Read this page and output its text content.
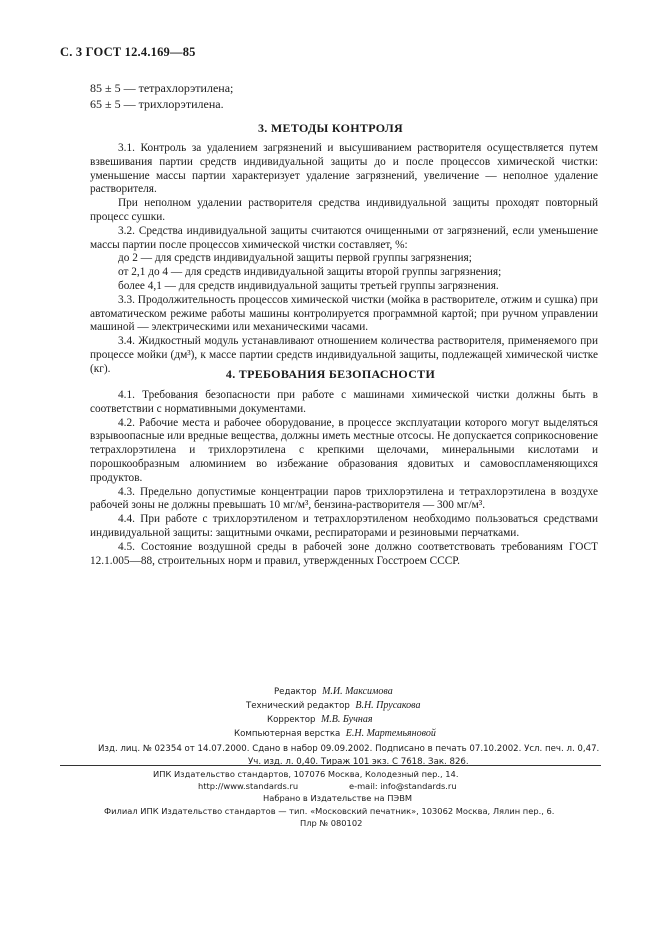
С. 3 ГОСТ 12.4.169—85
85 ± 5 — тетрахлорэтилена;
65 ± 5 — трихлорэтилена.
3. МЕТОДЫ КОНТРОЛЯ

3.1. Контроль за удалением загрязнений и высушиванием растворителя осуществляется путем взвешивания партии средств индивидуальной защиты до и после процессов химической чистки: уменьшение массы партии характеризует удаление загрязнений, увеличение — неполное удаление растворителя.

При неполном удалении растворителя средства индивидуальной защиты проходят повторный процесс сушки.

3.2. Средства индивидуальной защиты считаются очищенными от загрязнений, если уменьшение массы партии после процессов химической чистки составляет, %:

до 2 — для средств индивидуальной защиты первой группы загрязнения;

от 2,1 до 4 — для средств индивидуальной защиты второй группы загрязнения;

более 4,1 — для средств индивидуальной защиты третьей группы загрязнения.

3.3. Продолжительность процессов химической чистки (мойка в растворителе, отжим и сушка) при автоматическом режиме работы машины контролируется программной картой; при ручном управлении машиной — электрическими или механическими часами.

3.4. Жидкостный модуль устанавливают отношением количества растворителя, применяемого при процессе мойки (дм³), к массе партии средств индивидуальной защиты, подлежащей химической чистке (кг).	4. ТРЕБОВАНИЯ БЕЗОПАСНОСТИ

4.1. Требования безопасности при работе с машинами химической чистки должны быть в соответствии с нормативными документами.

4.2. Рабочие места и рабочее оборудование, в процессе эксплуатации которого могут выделяться взрывоопасные или вредные вещества, должны иметь местные отсосы. Не допускается соприкосновение тетрахлорэтилена и трихлорэтилена с крепкими щелочами, минеральными кислотами и порошкообразным алюминием во избежание образования ядовитых и самовоспламеняющихся продуктов.

4.3. Предельно допустимые концентрации паров трихлорэтилена и тетрахлорэтилена в воздухе рабочей зоны не должны превышать 10 мг/м³, бензина-растворителя — 300 мг/м³.

4.4. При работе с трихлорэтиленом и тетрахлорэтиленом необходимо пользоваться средствами индивидуальной защиты: защитными очками, респираторами и резиновыми перчатками.

4.5. Состояние воздушной среды в рабочей зоне должно соответствовать требованиям ГОСТ 12.1.005—88, строительных норм и правил, утвержденных Госстроем СССР.

Редактор М.И. Максимова
Технический редактор В.Н. Прусакова
Корректор М.В. Бучная
Компьютерная верстка Е.Н. Мартемьяновой
Изд. лиц. № 02354 от 14.07.2000. Сдано в набор 09.09.2002. Подписано в печать 07.10.2002. Усл. печ. л. 0,47.
Уч. изд. л. 0,40. Тираж 101 экз. С 7618. Зак. 826.
ИПК Издательство стандартов, 107076 Москва, Колодезный пер., 14.
http://www.standards.ru	e-mail: info@standards.ru
Набрано в Издательстве на ПЭВМ
Филиал ИПК Издательство стандартов — тип. «Московский печатник», 103062 Москва, Лялин пер., 6.
Плр № 080102
